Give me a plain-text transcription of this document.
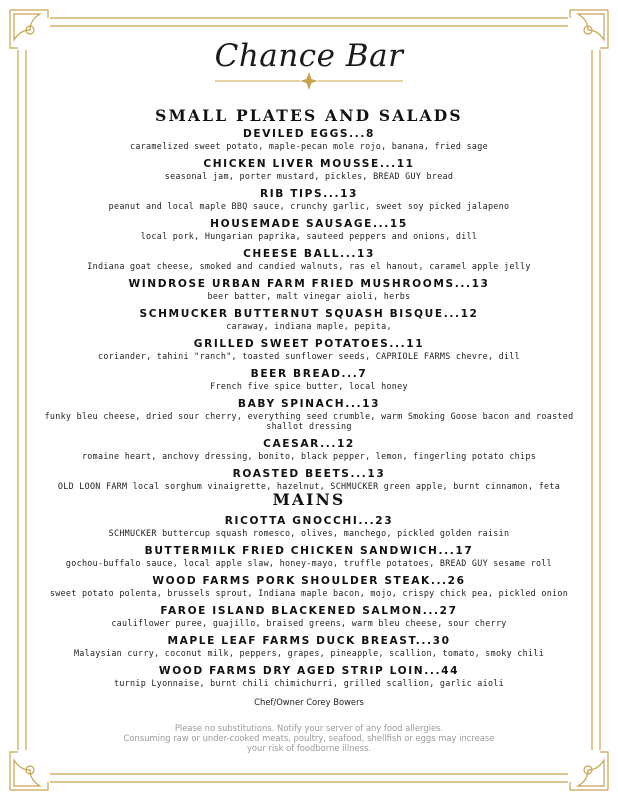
Chance Bar
SMALL PLATES AND SALADS
DEVILED EGGS...8
caramelized sweet potato, maple-pecan mole rojo, banana, fried sage
CHICKEN LIVER MOUSSE...11
seasonal jam, porter mustard, pickles, BREAD GUY bread
RIB TIPS...13
peanut and local maple BBQ sauce, crunchy garlic, sweet soy picked jalapeno
HOUSEMADE SAUSAGE...15
local pork, Hungarian paprika, sauteed peppers and onions, dill
CHEESE BALL...13
Indiana goat cheese, smoked and candied walnuts, ras el hanout, caramel apple jelly
WINDROSE URBAN FARM FRIED MUSHROOMS...13
beer batter, malt vinegar aioli, herbs
SCHMUCKER BUTTERNUT SQUASH BISQUE...12
caraway, indiana maple, pepita,
GRILLED SWEET POTATOES...11
coriander, tahini "ranch", toasted sunflower seeds, CAPRIOLE FARMS chevre, dill
BEER BREAD...7
French five spice butter, local honey
BABY SPINACH...13
funky bleu cheese, dried sour cherry, everything seed crumble, warm Smoking Goose bacon and roasted shallot dressing
CAESAR...12
romaine heart, anchovy dressing, bonito, black pepper, lemon, fingerling potato chips
ROASTED BEETS...13
OLD LOON FARM local sorghum vinaigrette, hazelnut, SCHMUCKER green apple, burnt cinnamon, feta
MAINS
RICOTTA GNOCCHI...23
SCHMUCKER buttercup squash romesco, olives, manchego, pickled golden raisin
BUTTERMILK FRIED CHICKEN SANDWICH...17
gochou-buffalo sauce, local apple slaw, honey-mayo, truffle potatoes, BREAD GUY sesame roll
WOOD FARMS PORK SHOULDER STEAK...26
sweet potato polenta, brussels sprout, Indiana maple bacon, mojo, crispy chick pea, pickled onion
FAROE ISLAND BLACKENED SALMON...27
cauliflower puree, guajillo, braised greens, warm bleu cheese, sour cherry
MAPLE LEAF FARMS DUCK BREAST...30
Malaysian curry, coconut milk, peppers, grapes, pineapple, scallion, tomato, smoky chili
WOOD FARMS DRY AGED STRIP LOIN...44
turnip Lyonnaise, burnt chili chimichurri, grilled scallion, garlic aioli
Chef/Owner Corey Bowers
Please no substitutions. Notify your server of any food allergies.
Consuming raw or under-cooked meats, poultry, seafood, shellfish or eggs may increase
your risk of foodborne illness.
